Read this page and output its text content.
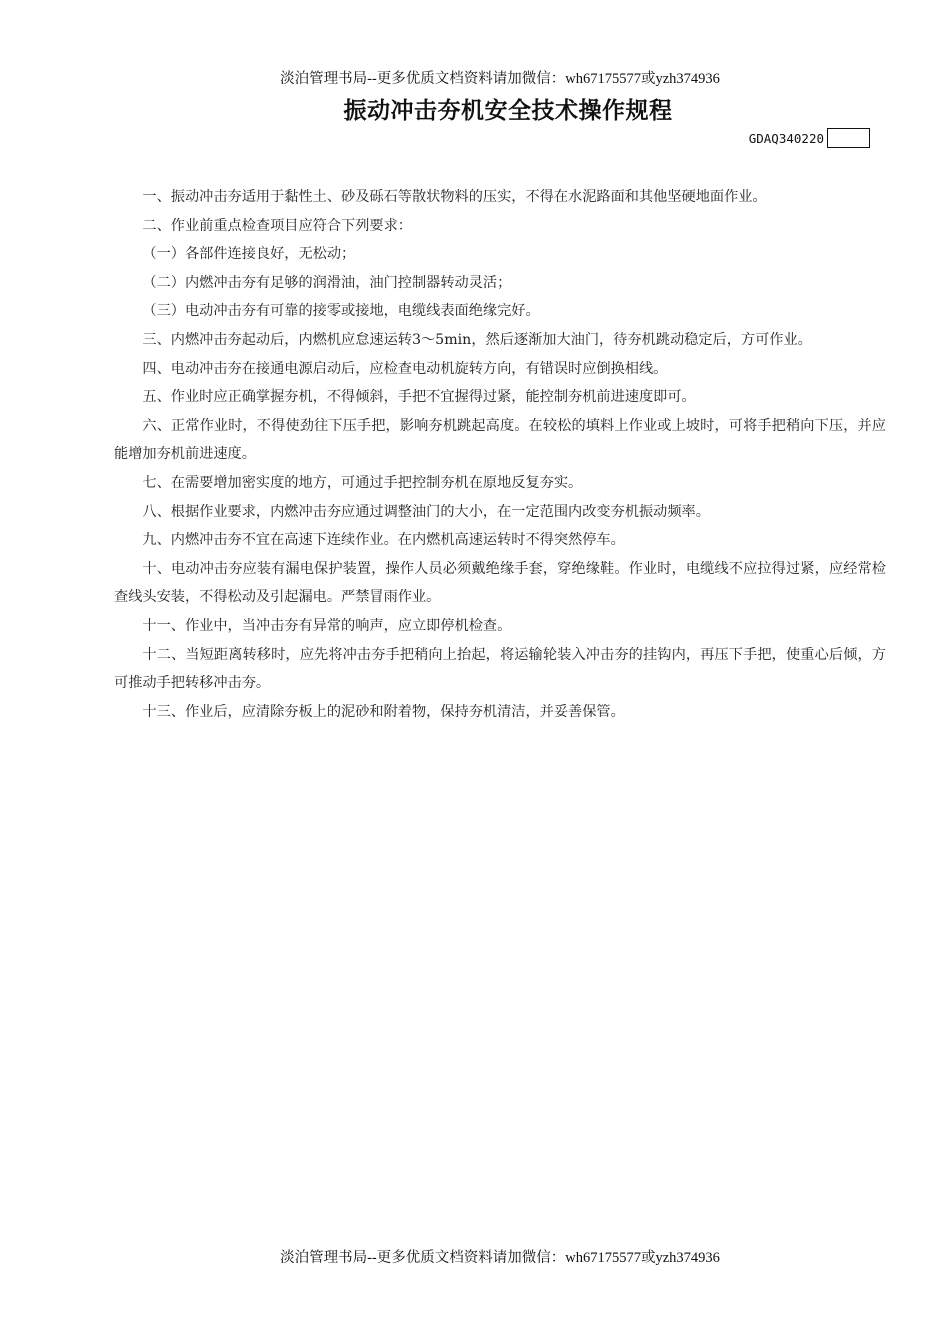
淡泊管理书局--更多优质文档资料请加微信：wh67175577或yzh374936
振动冲击夯机安全技术操作规程
GDAQ340220

一、振动冲击夯适用于黏性土、砂及砾石等散状物料的压实，不得在水泥路面和其他坚硬地面作业。

二、作业前重点检查项目应符合下列要求：

（一）各部件连接良好，无松动；

（二）内燃冲击夯有足够的润滑油，油门控制器转动灵活；

（三）电动冲击夯有可靠的接零或接地，电缆线表面绝缘完好。

三、内燃冲击夯起动后，内燃机应怠速运转3～5min，然后逐渐加大油门，待夯机跳动稳定后，方可作业。

四、电动冲击夯在接通电源启动后，应检查电动机旋转方向，有错误时应倒换相线。

五、作业时应正确掌握夯机，不得倾斜，手把不宜握得过紧，能控制夯机前进速度即可。

六、正常作业时，不得使劲往下压手把，影响夯机跳起高度。在较松的填料上作业或上坡时，可将手把稍向下压，并应能增加夯机前进速度。

七、在需要增加密实度的地方，可通过手把控制夯机在原地反复夯实。

八、根据作业要求，内燃冲击夯应通过调整油门的大小，在一定范围内改变夯机振动频率。

九、内燃冲击夯不宜在高速下连续作业。在内燃机高速运转时不得突然停车。

十、电动冲击夯应装有漏电保护装置，操作人员必须戴绝缘手套，穿绝缘鞋。作业时，电缆线不应拉得过紧，应经常检查线头安装，不得松动及引起漏电。严禁冒雨作业。

十一、作业中，当冲击夯有异常的响声，应立即停机检查。

十二、当短距离转移时，应先将冲击夯手把稍向上抬起，将运输轮装入冲击夯的挂钩内，再压下手把，使重心后倾，方可推动手把转移冲击夯。

十三、作业后，应清除夯板上的泥砂和附着物，保持夯机清洁，并妥善保管。

淡泊管理书局--更多优质文档资料请加微信：wh67175577或yzh374936
